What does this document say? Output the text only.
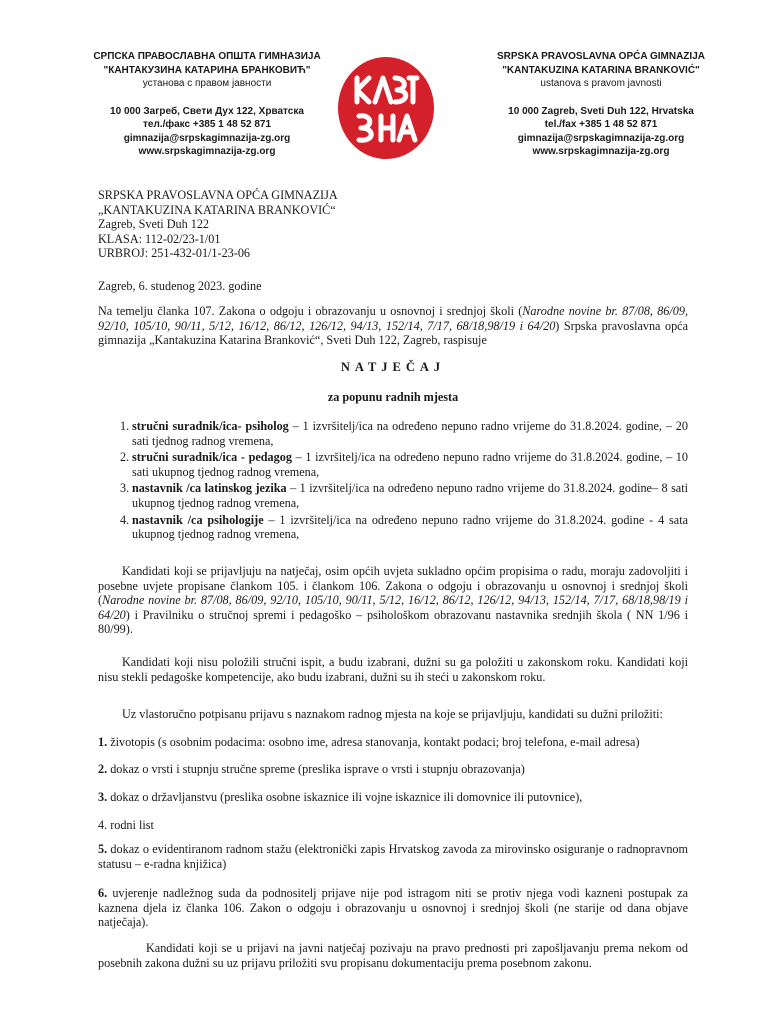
СРПСКА ПРАВОСЛАВНА ОПШТА ГИМНАЗИЈА
"КАНТАКУЗИНА КАТАРИНА БРАНКОВИЋ"
установа с правом јавности
10 000 Загреб, Свети Дух 122, Хрватска
тел./факс +385 1 48 52 871
gimnazija@srpskagimnazija-zg.org
www.srpskagimnazija-zg.org
SRPSKA PRAVOSLAVNA OPĆA GIMNAZIJA
"KANTAKUZINA KATARINA BRANKOVIĆ"
ustanova s pravom javnosti
10 000 Zagreb, Sveti Duh 122, Hrvatska
tel./fax +385 1 48 52 871
gimnazija@srpskagimnazija-zg.org
www.srpskagimnazija-zg.org
SRPSKA PRAVOSLAVNA OPĆA GIMNAZIJA
„KANTAKUZINA KATARINA BRANKOVIĆ“
Zagreb, Sveti Duh 122
KLASA: 112-02/23-1/01
URBROJ: 251-432-01/1-23-06
Zagreb, 6. studenog 2023. godine
Na temelju članka 107. Zakona o odgoju i obrazovanju u osnovnoj i srednjoj školi (Narodne novine br. 87/08, 86/09, 92/10, 105/10, 90/11, 5/12, 16/12, 86/12, 126/12, 94/13, 152/14, 7/17, 68/18,98/19 i 64/20) Srpska pravoslavna opća gimnazija „Kantakuzina Katarina Branković“, Sveti Duh 122, Zagreb, raspisuje
NATJEČAJ
za popunu radnih mjesta
1. stručni suradnik/ica- psiholog – 1 izvršitelj/ica na određeno nepuno radno vrijeme do 31.8.2024. godine, – 20 sati tjednog radnog vremena,
2. stručni suradnik/ica - pedagog – 1 izvršitelj/ica na određeno nepuno radno vrijeme do 31.8.2024. godine, – 10 sati ukupnog tjednog radnog vremena,
3. nastavnik /ca latinskog jezika – 1 izvršitelj/ica na određeno nepuno radno vrijeme do 31.8.2024. godine– 8 sati ukupnog tjednog radnog vremena,
4. nastavnik /ca psihologije – 1 izvršitelj/ica na određeno nepuno radno vrijeme do 31.8.2024. godine - 4 sata ukupnog tjednog radnog vremena,
Kandidati koji se prijavljuju na natječaj, osim općih uvjeta sukladno općim propisima o radu, moraju zadovoljiti i posebne uvjete propisane člankom 105. i člankom 106. Zakona o odgoju i obrazovanju u osnovnoj i srednjoj školi (Narodne novine br. 87/08, 86/09, 92/10, 105/10, 90/11, 5/12, 16/12, 86/12, 126/12, 94/13, 152/14, 7/17, 68/18,98/19 i 64/20) i Pravilniku o stručnoj spremi i pedagoško – psihološkom obrazovanu nastavnika srednjih škola ( NN 1/96 i 80/99).
Kandidati koji nisu položili stručni ispit, a budu izabrani, dužni su ga položiti u zakonskom roku. Kandidati koji nisu stekli pedagoške kompetencije, ako budu izabrani, dužni su ih steći u zakonskom roku.
Uz vlastoručno potpisanu prijavu s naznakom radnog mjesta na koje se prijavljuju, kandidati su dužni priložiti:
1. životopis (s osobnim podacima: osobno ime, adresa stanovanja, kontakt podaci; broj telefona, e-mail adresa)
2. dokaz o vrsti i stupnju stručne spreme (preslika isprave o vrsti i stupnju obrazovanja)
3. dokaz o državljanstvu (preslika osobne iskaznice ili vojne iskaznice ili domovnice ili putovnice),
4. rodni list
5. dokaz o evidentiranom radnom stažu (elektronički zapis Hrvatskog zavoda za mirovinsko osiguranje o radnopravnom statusu – e-radna knjižica)
6. uvjerenje nadležnog suda da podnositelj prijave nije pod istragom niti se protiv njega vodi kazneni postupak za kaznena djela iz članka 106. Zakon o odgoju i obrazovanju u osnovnoj i srednjoj školi (ne starije od dana objave natječaja).
Kandidati koji se u prijavi na javni natječaj pozivaju na pravo prednosti pri zapošljavanju prema nekom od posebnih zakona dužni su uz prijavu priložiti svu propisanu dokumentaciju prema posebnom zakonu.
